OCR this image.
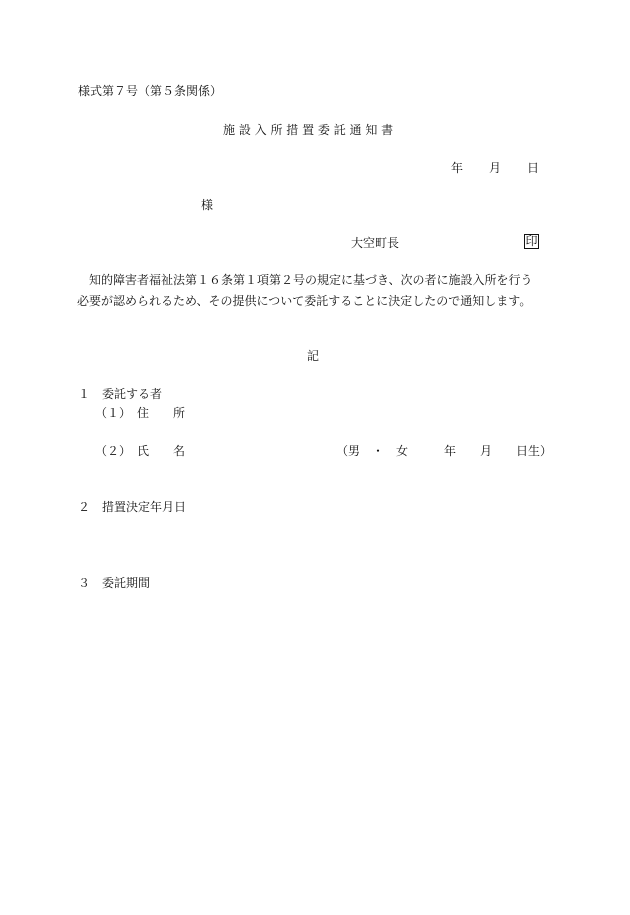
様式第７号（第５条関係）
施 設 入 所 措 置 委 託 通 知 書
年 月 日
様
大空町長	印
知的障害者福祉法第１６条第１項第２号の規定に基づき、次の者に施設入所を行う
必要が認められるため、その提供について委託することに決定したので通知します。
記
１　委託する者
（１）　住　　所
（２）　氏　　名	（男　・　女　　　年　　月　　日生）
２　措置決定年月日
３　委託期間
